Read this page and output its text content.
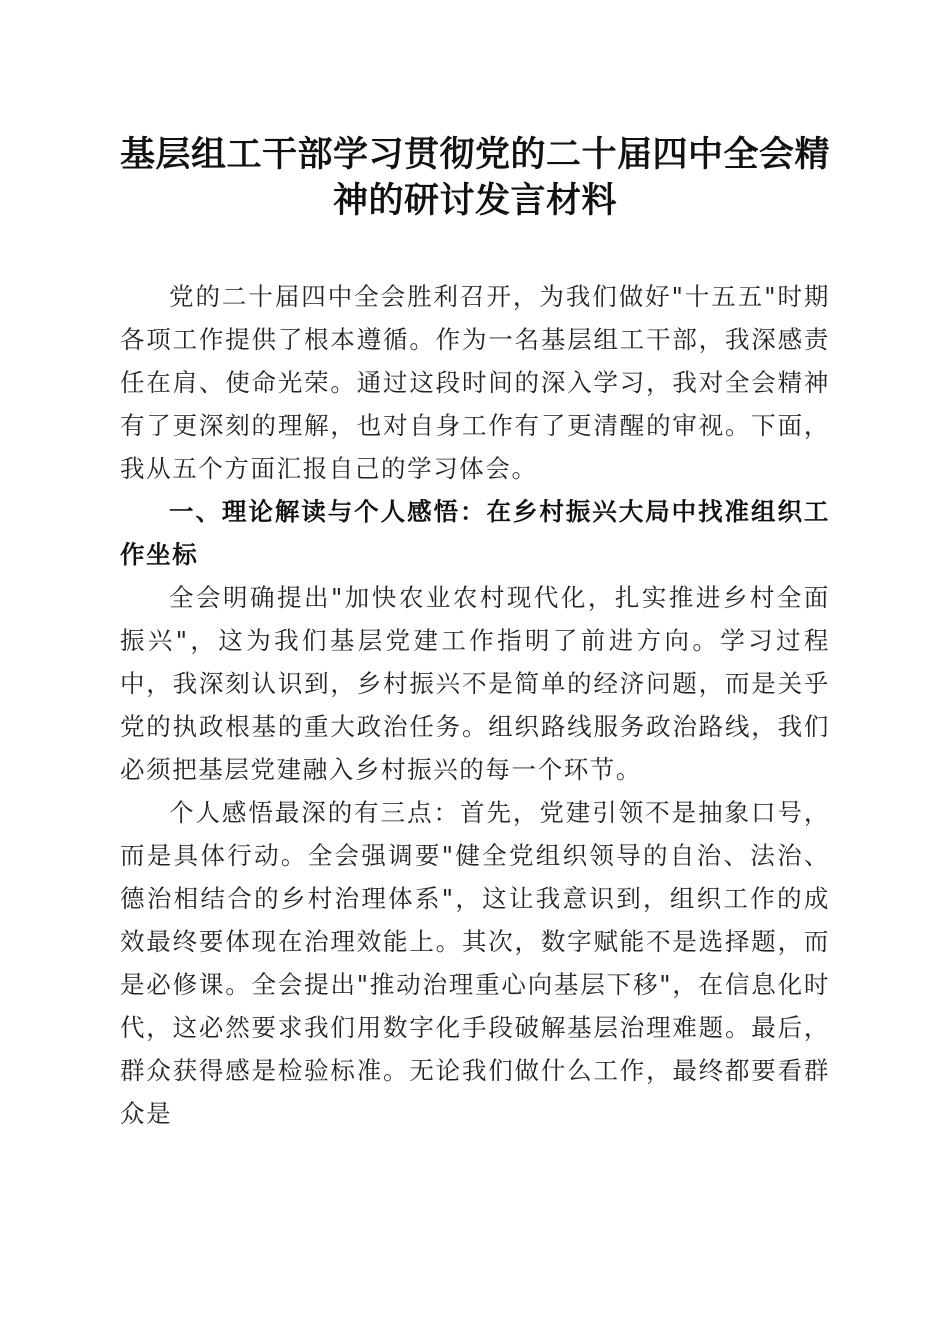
基层组工干部学习贯彻党的二十届四中全会精
神的研讨发言材料

党的二十届四中全会胜利召开，为我们做好"十五五"时期各项工作提供了根本遵循。作为一名基层组工干部，我深感责任在肩、使命光荣。通过这段时间的深入学习，我对全会精神有了更深刻的理解，也对自身工作有了更清醒的审视。下面，我从五个方面汇报自己的学习体会。

一、理论解读与个人感悟：在乡村振兴大局中找准组织工作坐标

全会明确提出"加快农业农村现代化，扎实推进乡村全面振兴"，这为我们基层党建工作指明了前进方向。学习过程中，我深刻认识到，乡村振兴不是简单的经济问题，而是关乎党的执政根基的重大政治任务。组织路线服务政治路线，我们必须把基层党建融入乡村振兴的每一个环节。

个人感悟最深的有三点：首先，党建引领不是抽象口号，而是具体行动。全会强调要"健全党组织领导的自治、法治、德治相结合的乡村治理体系"，这让我意识到，组织工作的成效最终要体现在治理效能上。其次，数字赋能不是选择题，而是必修课。全会提出"推动治理重心向基层下移"，在信息化时代，这必然要求我们用数字化手段破解基层治理难题。最后，群众获得感是检验标准。无论我们做什么工作，最终都要看群众是
